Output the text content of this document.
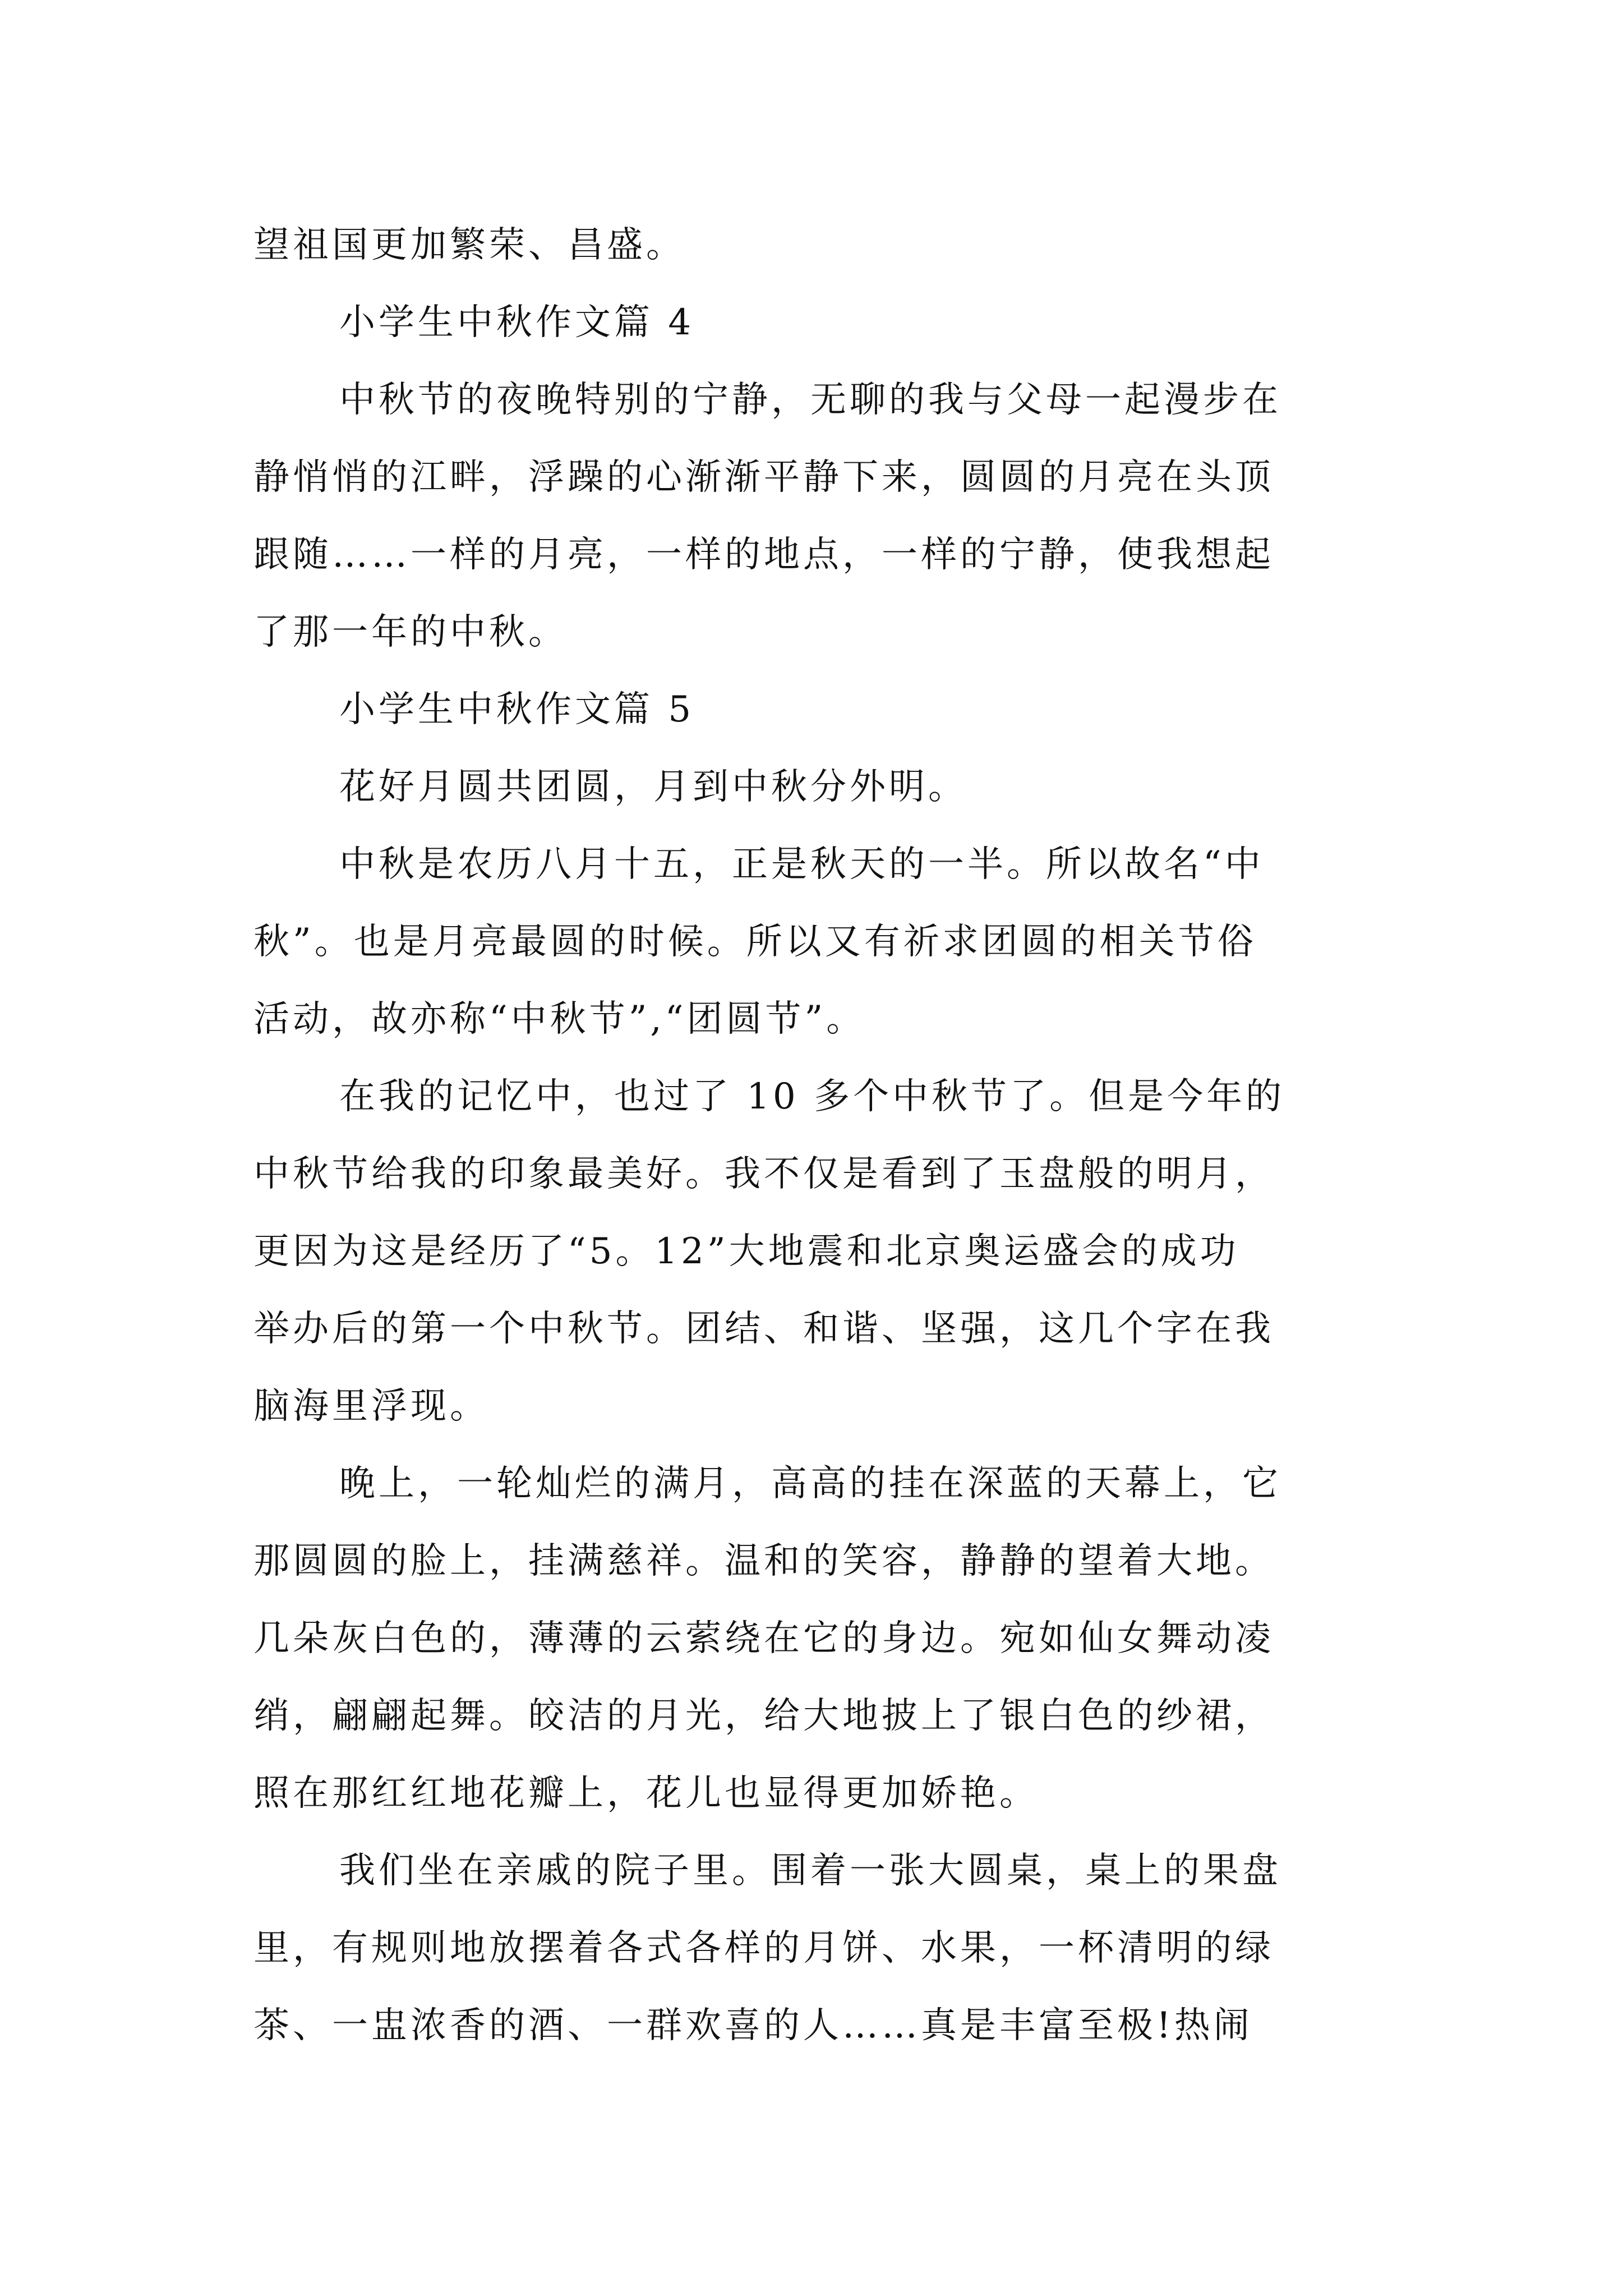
望祖国更加繁荣、昌盛。
小学生中秋作文篇 4
中秋节的夜晚特别的宁静，无聊的我与父母一起漫步在
静悄悄的江畔，浮躁的心渐渐平静下来，圆圆的月亮在头顶
跟随……一样的月亮，一样的地点，一样的宁静，使我想起
了那一年的中秋。
小学生中秋作文篇 5
花好月圆共团圆，月到中秋分外明。
中秋是农历八月十五，正是秋天的一半。所以故名“中
秋”。也是月亮最圆的时候。所以又有祈求团圆的相关节俗
活动，故亦称“中秋节”,“团圆节”。
在我的记忆中，也过了 10 多个中秋节了。但是今年的
中秋节给我的印象最美好。我不仅是看到了玉盘般的明月，
更因为这是经历了“5。12”大地震和北京奥运盛会的成功
举办后的第一个中秋节。团结、和谐、坚强，这几个字在我
脑海里浮现。
晚上，一轮灿烂的满月，高高的挂在深蓝的天幕上，它
那圆圆的脸上，挂满慈祥。温和的笑容，静静的望着大地。
几朵灰白色的，薄薄的云萦绕在它的身边。宛如仙女舞动凌
绡，翩翩起舞。皎洁的月光，给大地披上了银白色的纱裙，
照在那红红地花瓣上，花儿也显得更加娇艳。
我们坐在亲戚的院子里。围着一张大圆桌，桌上的果盘
里，有规则地放摆着各式各样的月饼、水果，一杯清明的绿
茶、一盅浓香的酒、一群欢喜的人……真是丰富至极!热闹
